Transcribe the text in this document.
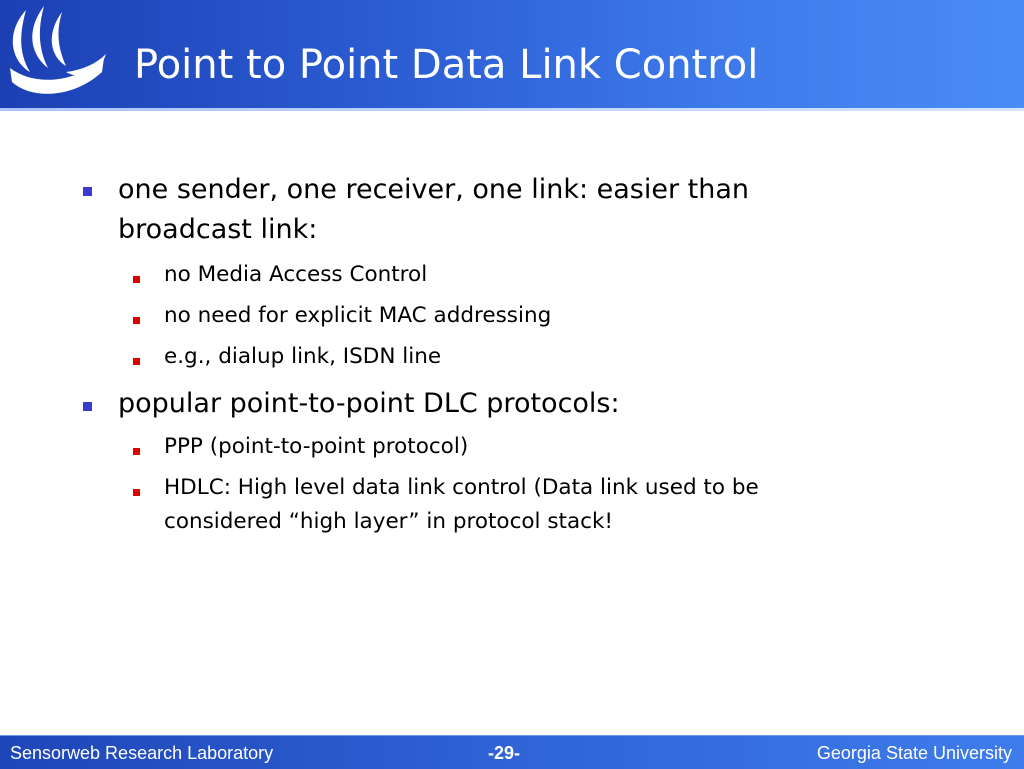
Point to Point Data Link Control
one sender, one receiver, one link: easier than
broadcast link:
no Media Access Control
no need for explicit MAC addressing
e.g., dialup link, ISDN line
popular point-to-point DLC protocols:
PPP (point-to-point protocol)
HDLC: High level data link control (Data link used to be
considered “high layer” in protocol stack!
Sensorweb Research Laboratory	-29-	Georgia State University
